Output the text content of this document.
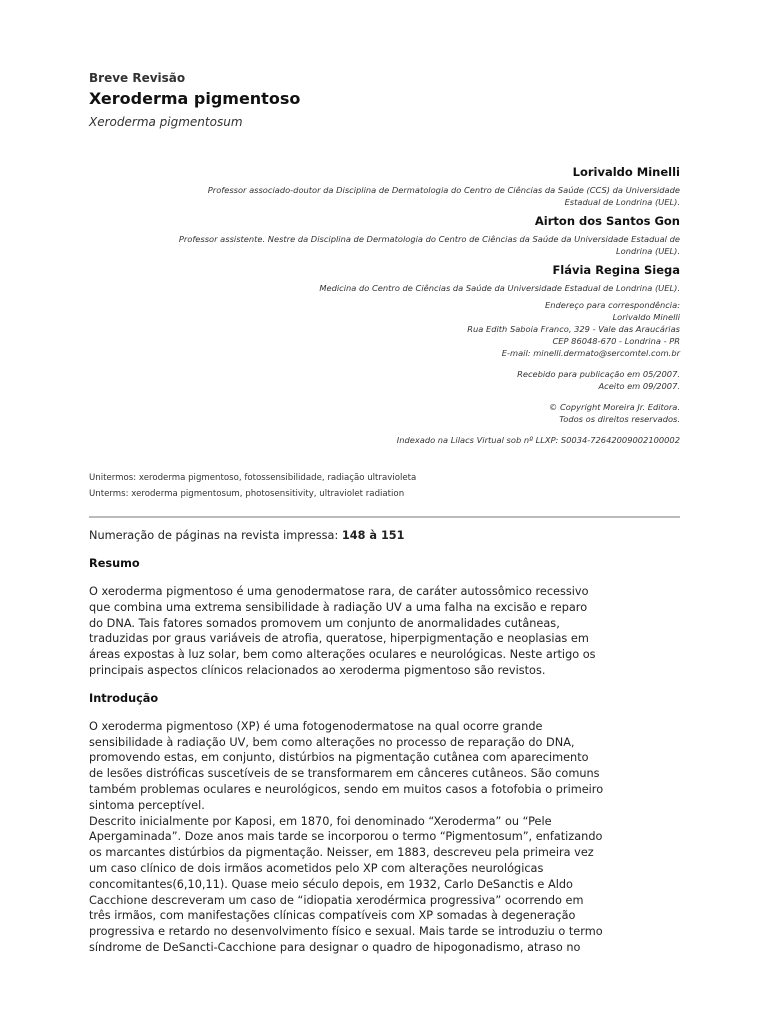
Breve Revisão

Xeroderma pigmentoso

Xeroderma pigmentosum

Lorivaldo Minelli

Professor associado-doutor da Disciplina de Dermatologia do Centro de Ciências da Saúde (CCS) da Universidade
Estadual de Londrina (UEL).

Airton dos Santos Gon

Professor assistente. Nestre da Disciplina de Dermatologia do Centro de Ciências da Saúde da Universidade Estadual de
Londrina (UEL).

Flávia Regina Siega

Medicina do Centro de Ciências da Saúde da Universidade Estadual de Londrina (UEL).

Endereço para correspondência:
Lorivaldo Minelli
Rua Edith Saboia Franco, 329 - Vale das Araucárias
CEP 86048-670 - Londrina - PR
E-mail: minelli.dermato@sercomtel.com.br

Recebido para publicação em 05/2007.
Aceito em 09/2007.

© Copyright Moreira Jr. Editora.
Todos os direitos reservados.

Indexado na Lilacs Virtual sob nº LLXP: S0034-72642009002100002

Unitermos: xeroderma pigmentoso, fotossensibilidade, radiação ultravioleta
Unterms: xeroderma pigmentosum, photosensitivity, ultraviolet radiation
Numeração de páginas na revista impressa: 148 à 151
Resumo
O xeroderma pigmentoso é uma genodermatose rara, de caráter autossômico recessivo
que combina uma extrema sensibilidade à radiação UV a uma falha na excisão e reparo
do DNA. Tais fatores somados promovem um conjunto de anormalidades cutâneas,
traduzidas por graus variáveis de atrofia, queratose, hiperpigmentação e neoplasias em
áreas expostas à luz solar, bem como alterações oculares e neurológicas. Neste artigo os
principais aspectos clínicos relacionados ao xeroderma pigmentoso são revistos.
Introdução
O xeroderma pigmentoso (XP) é uma fotogenodermatose na qual ocorre grande
sensibilidade à radiação UV, bem como alterações no processo de reparação do DNA,
promovendo estas, em conjunto, distúrbios na pigmentação cutânea com aparecimento
de lesões distróficas suscetíveis de se transformarem em cânceres cutâneos. São comuns
também problemas oculares e neurológicos, sendo em muitos casos a fotofobia o primeiro
sintoma perceptível.
Descrito inicialmente por Kaposi, em 1870, foi denominado “Xeroderma” ou “Pele
Apergaminada”. Doze anos mais tarde se incorporou o termo “Pigmentosum”, enfatizando
os marcantes distúrbios da pigmentação. Neisser, em 1883, descreveu pela primeira vez
um caso clínico de dois irmãos acometidos pelo XP com alterações neurológicas
concomitantes(6,10,11). Quase meio século depois, em 1932, Carlo DeSanctis e Aldo
Cacchione descreveram um caso de “idiopatia xerodérmica progressiva” ocorrendo em
três irmãos, com manifestações clínicas compatíveis com XP somadas à degeneração
progressiva e retardo no desenvolvimento físico e sexual. Mais tarde se introduziu o termo
síndrome de DeSancti-Cacchione para designar o quadro de hipogonadismo, atraso no
